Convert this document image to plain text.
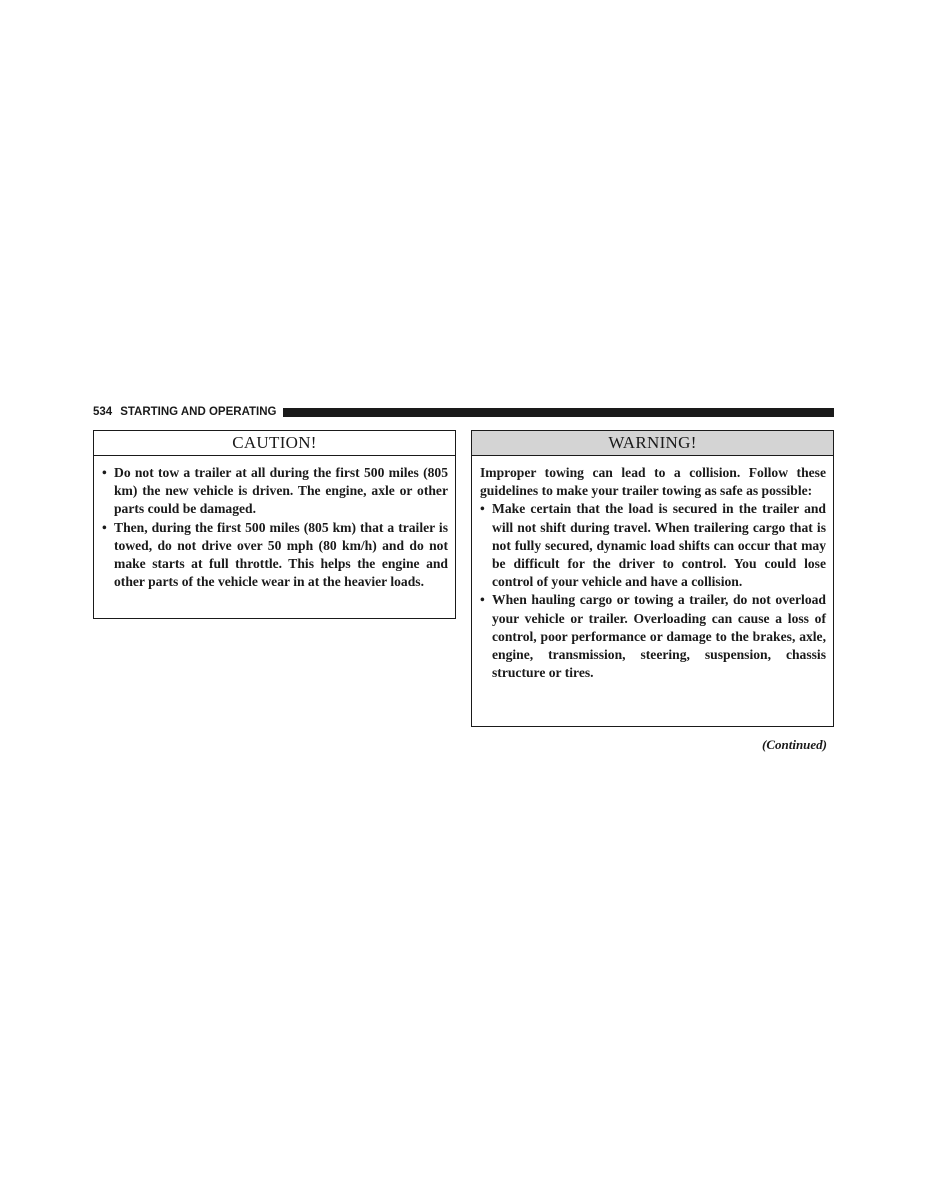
534 STARTING AND OPERATING
CAUTION!
• Do not tow a trailer at all during the first 500 miles (805 km) the new vehicle is driven. The engine, axle or other parts could be damaged.
• Then, during the first 500 miles (805 km) that a trailer is towed, do not drive over 50 mph (80 km/h) and do not make starts at full throttle. This helps the engine and other parts of the vehicle wear in at the heavier loads.
WARNING!

Improper towing can lead to a collision. Follow these guidelines to make your trailer towing as safe as possible:

• Make certain that the load is secured in the trailer and will not shift during travel. When trailering cargo that is not fully secured, dynamic load shifts can occur that may be difficult for the driver to control. You could lose control of your vehicle and have a collision.
• When hauling cargo or towing a trailer, do not overload your vehicle or trailer. Overloading can cause a loss of control, poor performance or damage to the brakes, axle, engine, transmission, steering, suspension, chassis structure or tires.
(Continued)
